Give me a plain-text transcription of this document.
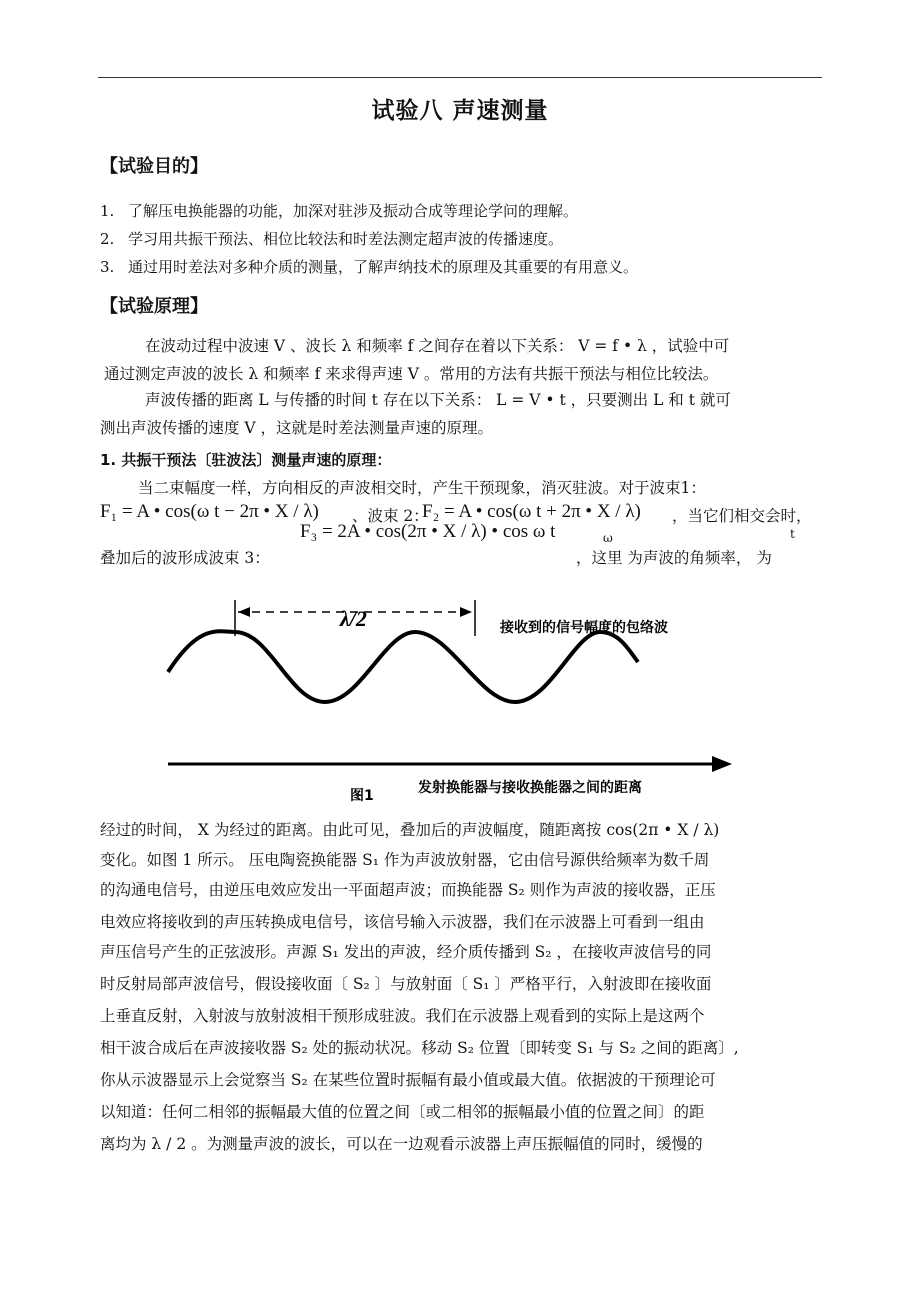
试验八 声速测量
【试验目的】
1. 了解压电换能器的功能，加深对驻涉及振动合成等理论学问的理解。
2. 学习用共振干预法、相位比较法和时差法测定超声波的传播速度。
3. 通过用时差法对多种介质的测量，了解声纳技术的原理及其重要的有用意义。
【试验原理】
在波动过程中波速 V 、波长 λ 和频率 f 之间存在着以下关系： V = f • λ ，试验中可
通过测定声波的波长 λ 和频率 f 来求得声速 V 。常用的方法有共振干预法与相位比较法。
声波传播的距离 L 与传播的时间 t 存在以下关系： L = V • t ，只要测出 L 和 t 就可
测出声波传播的速度 V ，这就是时差法测量声速的原理。
1. 共振干预法〔驻波法〕测量声速的原理：
当二束幅度一样，方向相反的声波相交时，产生干预现象，消灭驻波。对于波束1：
F₁ = A • cos(ω t − 2π • X / λ) 、波束 2：
F₂ = A • cos(ω t + 2π • X / λ) ，当它们相交会时，
F₃ = 2A • cos(2π • X / λ) • cos ω t	ω	t
叠加后的波形成波束 3：	，这里 为声波的角频率， 为
λ/2	接收到的信号幅度的包络波
发射换能器与接收换能器之间的距离
图1
经过的时间， X 为经过的距离。由此可见，叠加后的声波幅度，随距离按 cos(2π • X / λ)
变化。如图 1 所示。 压电陶瓷换能器 S₁ 作为声波放射器，它由信号源供给频率为数千周
的沟通电信号，由逆压电效应发出一平面超声波；而换能器 S₂ 则作为声波的接收器，正压
电效应将接收到的声压转换成电信号，该信号输入示波器，我们在示波器上可看到一组由
声压信号产生的正弦波形。声源 S₁ 发出的声波，经介质传播到 S₂ ，在接收声波信号的同
时反射局部声波信号，假设接收面〔 S₂ 〕与放射面〔 S₁ 〕严格平行，入射波即在接收面
上垂直反射，入射波与放射波相干预形成驻波。我们在示波器上观看到的实际上是这两个
相干波合成后在声波接收器 S₂ 处的振动状况。移动 S₂ 位置〔即转变 S₁ 与 S₂ 之间的距离〕,
你从示波器显示上会觉察当 S₂ 在某些位置时振幅有最小值或最大值。依据波的干预理论可
以知道：任何二相邻的振幅最大值的位置之间〔或二相邻的振幅最小值的位置之间〕的距
离均为 λ / 2 。为测量声波的波长，可以在一边观看示波器上声压振幅值的同时，缓慢的
